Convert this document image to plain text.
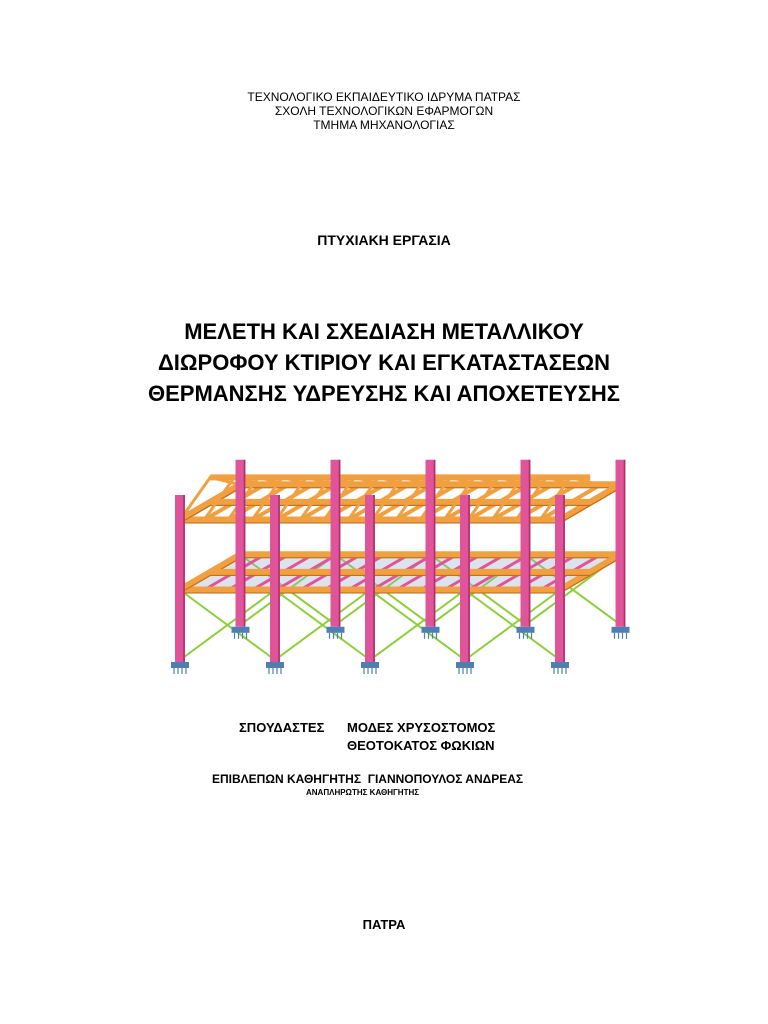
ΤΕΧΝΟΛΟΓΙΚΟ ΕΚΠΑΙΔΕΥΤΙΚΟ ΙΔΡΥΜΑ ΠΑΤΡΑΣ
ΣΧΟΛΗ ΤΕΧΝΟΛΟΓΙΚΩΝ ΕΦΑΡΜΟΓΩΝ
ΤΜΗΜΑ ΜΗΧΑΝΟΛΟΓΙΑΣ
ΠΤΥΧΙΑΚΗ ΕΡΓΑΣΙΑ
ΜΕΛΕΤΗ ΚΑΙ ΣΧΕΔΙΑΣΗ ΜΕΤΑΛΛΙΚΟΥ
ΔΙΩΡΟΦΟΥ ΚΤΙΡΙΟΥ ΚΑΙ ΕΓΚΑΤΑΣΤΑΣΕΩΝ
ΘΕΡΜΑΝΣΗΣ ΥΔΡΕΥΣΗΣ ΚΑΙ ΑΠΟΧΕΤΕΥΣΗΣ
ΣΠΟΥΔΑΣΤΕΣ ΜΟΔΕΣ ΧΡΥΣΟΣΤΟΜΟΣ
ΘΕΟΤΟΚΑΤΟΣ ΦΩΚΙΩΝ
ΕΠΙΒΛΕΠΩΝ ΚΑΘΗΓΗΤΗΣ ΓΙΑΝΝΟΠΟΥΛΟΣ ΑΝΔΡΕΑΣ
ΑΝΑΠΛΗΡΩΤΗΣ ΚΑΘΗΓΗΤΗΣ
ΠΑΤΡΑ
